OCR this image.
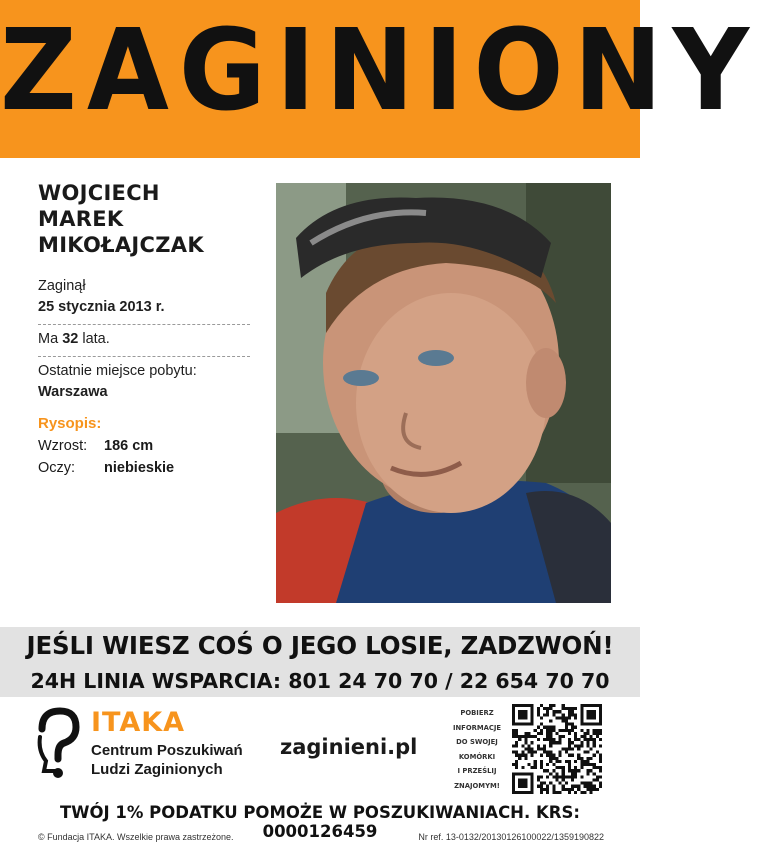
ZAGINIONY
WOJCIECH MAREK
MIKOŁAJCZAK
Zaginął
25 stycznia 2013 r.
Ma 32 lata.
Ostatnie miejsce pobytu:
Warszawa
Rysopis:
Wzrost:	186 cm
Oczy:	niebieskie
JEŚLI WIESZ COŚ O JEGO LOSIE, ZADZWOŃ!
24H LINIA WSPARCIA: 801 24 70 70 / 22 654 70 70
ITAKA
Centrum Poszukiwań
Ludzi Zaginionych
zaginieni.pl
POBIERZ
INFORMACJE
DO SWOJEJ
KOMÓRKI
I PRZEŚLIJ
ZNAJOMYM!
TWÓJ 1% PODATKU POMOŻE W POSZUKIWANIACH. KRS: 0000126459
© Fundacja ITAKA. Wszelkie prawa zastrzeżone.	Nr ref. 13-0132/20130126100022/1359190822
